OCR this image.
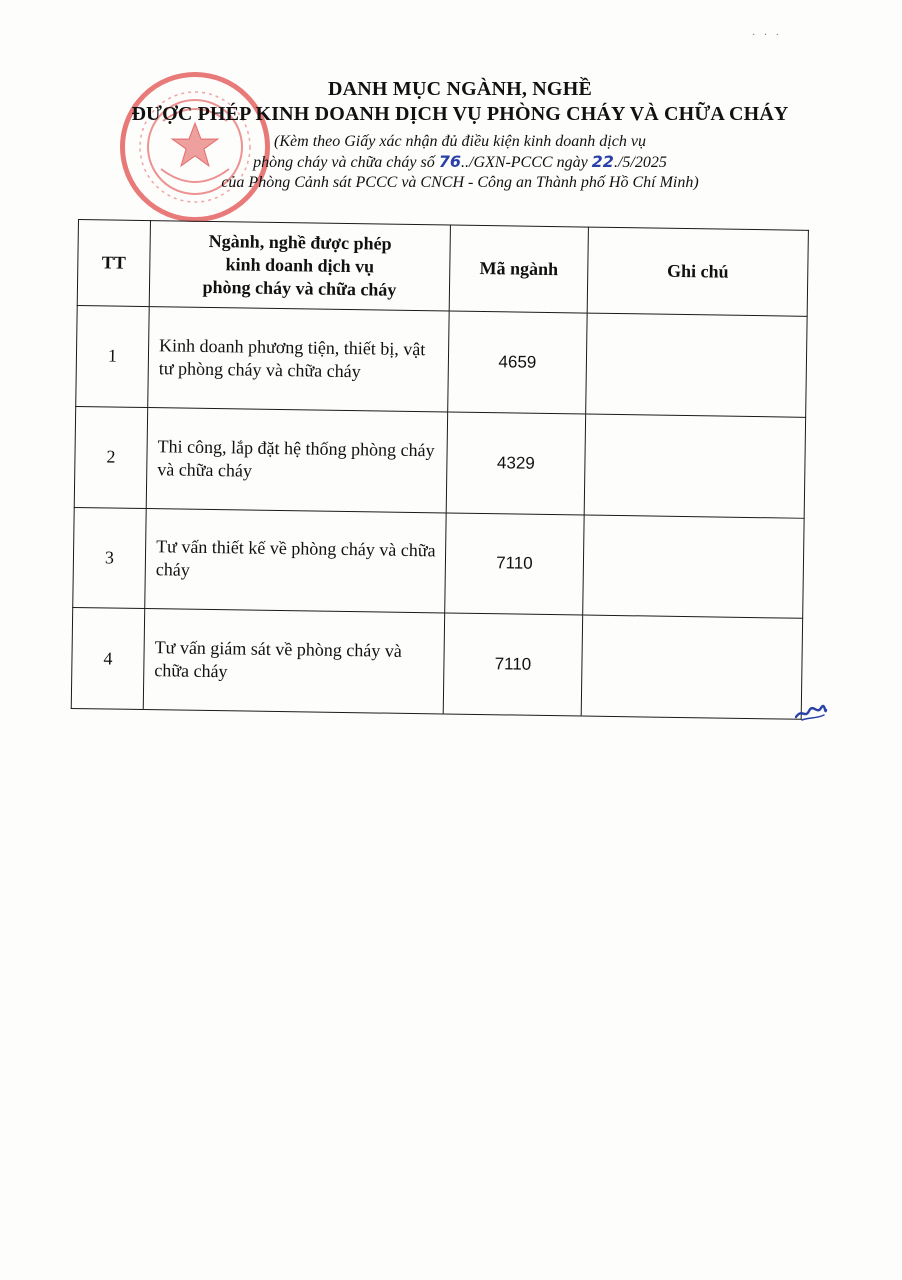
· · ·
DANH MỤC NGÀNH, NGHỀ
ĐƯỢC PHÉP KINH DOANH DỊCH VỤ PHÒNG CHÁY VÀ CHỮA CHÁY
(Kèm theo Giấy xác nhận đủ điều kiện kinh doanh dịch vụ
phòng cháy và chữa cháy số 76../GXN-PCCC ngày 22./5/2025
của Phòng Cảnh sát PCCC và CNCH - Công an Thành phố Hồ Chí Minh)
TT	Ngành, nghề được phép
kinh doanh dịch vụ
phòng cháy và chữa cháy	Mã ngành	Ghi chú
1	Kinh doanh phương tiện, thiết bị, vật tư phòng cháy và chữa cháy	4659	
2	Thi công, lắp đặt hệ thống phòng cháy và chữa cháy	4329	
3	Tư vấn thiết kế về phòng cháy và chữa cháy	7110	
4	Tư vấn giám sát về phòng cháy và chữa cháy	7110	
